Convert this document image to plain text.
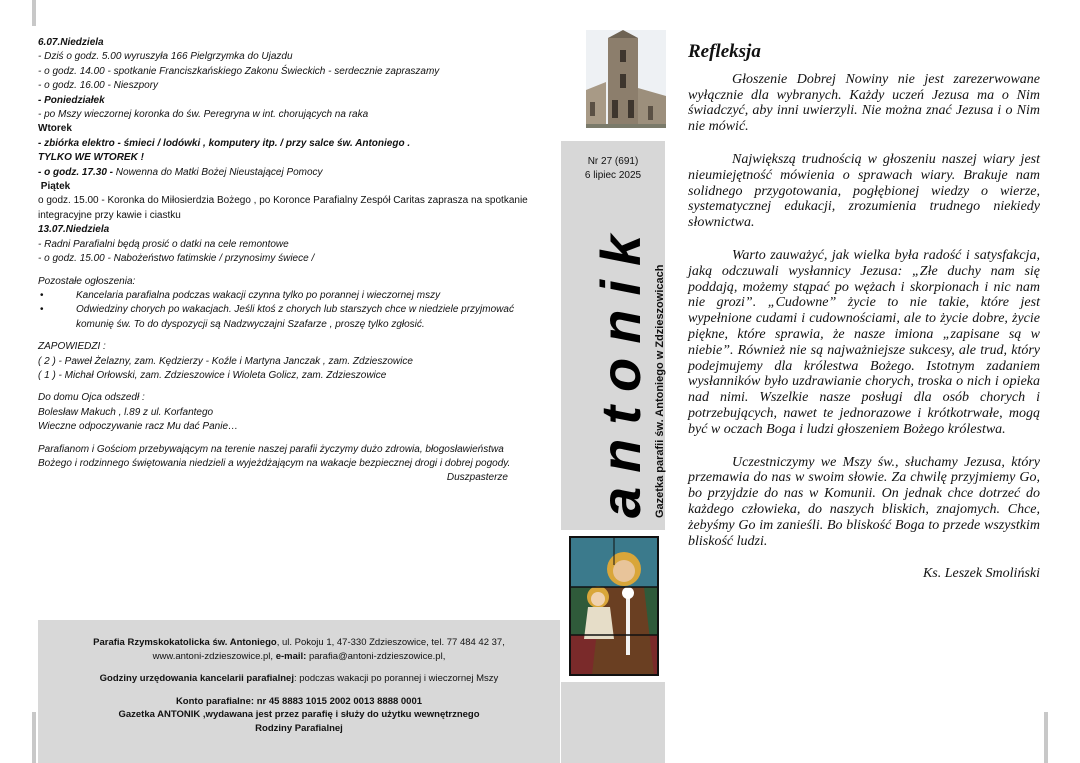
6.07.Niedziela

- Dziś o godz. 5.00 wyruszyła 166 Pielgrzymka do Ujazdu

- o godz. 14.00 - spotkanie Franciszkańskiego Zakonu Świeckich - serdecznie zapraszamy

- o godz. 16.00 - Nieszpory

- Poniedziałek

- po Mszy wieczornej koronka do św. Peregryna w int. chorujących na raka

Wtorek

- zbiórka elektro - śmieci / lodówki , komputery itp. / przy salce św. Antoniego .

TYLKO WE WTOREK !

- o godz. 17.30 - Nowenna do Matki Bożej Nieustającej Pomocy

Piątek

o godz. 15.00 - Koronka do Miłosierdzia Bożego , po Koronce Parafialny Zespół Caritas zaprasza na spotkanie integracyjne przy kawie i ciastku

13.07.Niedziela

- Radni Parafialni będą prosić o datki na cele remontowe

- o godz. 15.00 - Nabożeństwo fatimskie / przynosimy świece /

Pozostałe ogłoszenia:

•	Kancelaria parafialna podczas wakacji czynna tylko po porannej i wieczornej mszy
•	Odwiedziny chorych po wakacjach. Jeśli ktoś z chorych lub starszych chce w niedziele przyjmować     komunię św. To do dyspozycji są Nadzwyczajni Szafarze , proszę tylko zgłosić.

ZAPOWIEDZI :

( 2 ) - Paweł Żelazny, zam. Kędzierzy - Koźle i Martyna Janczak , zam. Zdzieszowice

( 1 ) - Michał Orłowski, zam. Zdzieszowice i Wioleta Golicz, zam. Zdzieszowice

Do domu Ojca odszedł :

Bolesław Makuch , l.89 z ul. Korfantego

Wieczne odpoczywanie racz Mu dać Panie…

Parafianom i Gościom przebywającym na terenie naszej parafii życzymy dużo zdrowia, błogosławieństwa Bożego i rodzinnego świętowania niedzieli a wyjeżdżającym na wakacje bezpiecznej drogi i dobrej pogody.

Duszpasterze

Parafia Rzymskokatolicka św. Antoniego, ul. Pokoju 1, 47-330 Zdzieszowice, tel. 77 484 42 37,

www.antoni-zdzieszowice.pl, e-mail: parafia@antoni-zdzieszowice.pl,

Godziny urzędowania kancelarii parafialnej: podczas wakacji po porannej i wieczornej Mszy

Konto parafialne: nr 45 8883 1015 2002 0013 8888 0001

Gazetka ANTONIK ,wydawana jest przez parafię i służy do użytku wewnętrznego

Rodziny Parafialnej

Nr 27 (691)

6 lipiec 2025

antonik Gazetka parafii św. Antoniego w Zdzieszowicach
Refleksja

Głoszenie Dobrej Nowiny nie jest zarezerwowane wyłącznie dla wybranych. Każdy uczeń Jezusa ma o Nim świadczyć, aby inni uwierzyli. Nie można znać Jezusa i o Nim nie mówić.

Największą trudnością w głoszeniu naszej wiary jest nieumiejętność mówienia o sprawach wiary. Brakuje nam solidnego przygotowania, pogłębionej wiedzy o wierze, systematycznej edukacji, zrozumienia trudnego niekiedy słownictwa.

Warto zauważyć, jak wielka była radość i satysfakcja, jaką odczuwali wysłannicy Jezusa: „Złe duchy nam się poddają, możemy stąpać po wężach i skorpionach i nic nam nie grozi”. „Cudowne” życie to nie takie, które jest wypełnione cudami i cudownościami, ale to życie dobre, życie piękne, które sprawia, że nasze imiona „zapisane są w niebie”. Również nie są najważniejsze sukcesy, ale trud, który podejmujemy dla królestwa Bożego. Istotnym zadaniem wysłanników było uzdrawianie chorych, troska o nich i opieka nad nimi. Wszelkie nasze posługi dla osób chorych i potrzebujących, nawet te jednorazowe i krótkotrwałe, mogą być w oczach Boga i ludzi głoszeniem Bożego królestwa.

Uczestniczymy we Mszy św., słuchamy Jezusa, który przemawia do nas w swoim słowie. Za chwilę przyjmiemy Go, bo przyjdzie do nas w Komunii. On jednak chce dotrzeć do każdego człowieka, do naszych bliskich, znajomych. Chce, żebyśmy Go im zanieśli. Bo bliskość Boga to przede wszystkim bliskość ludzi.

Ks. Leszek Smoliński
